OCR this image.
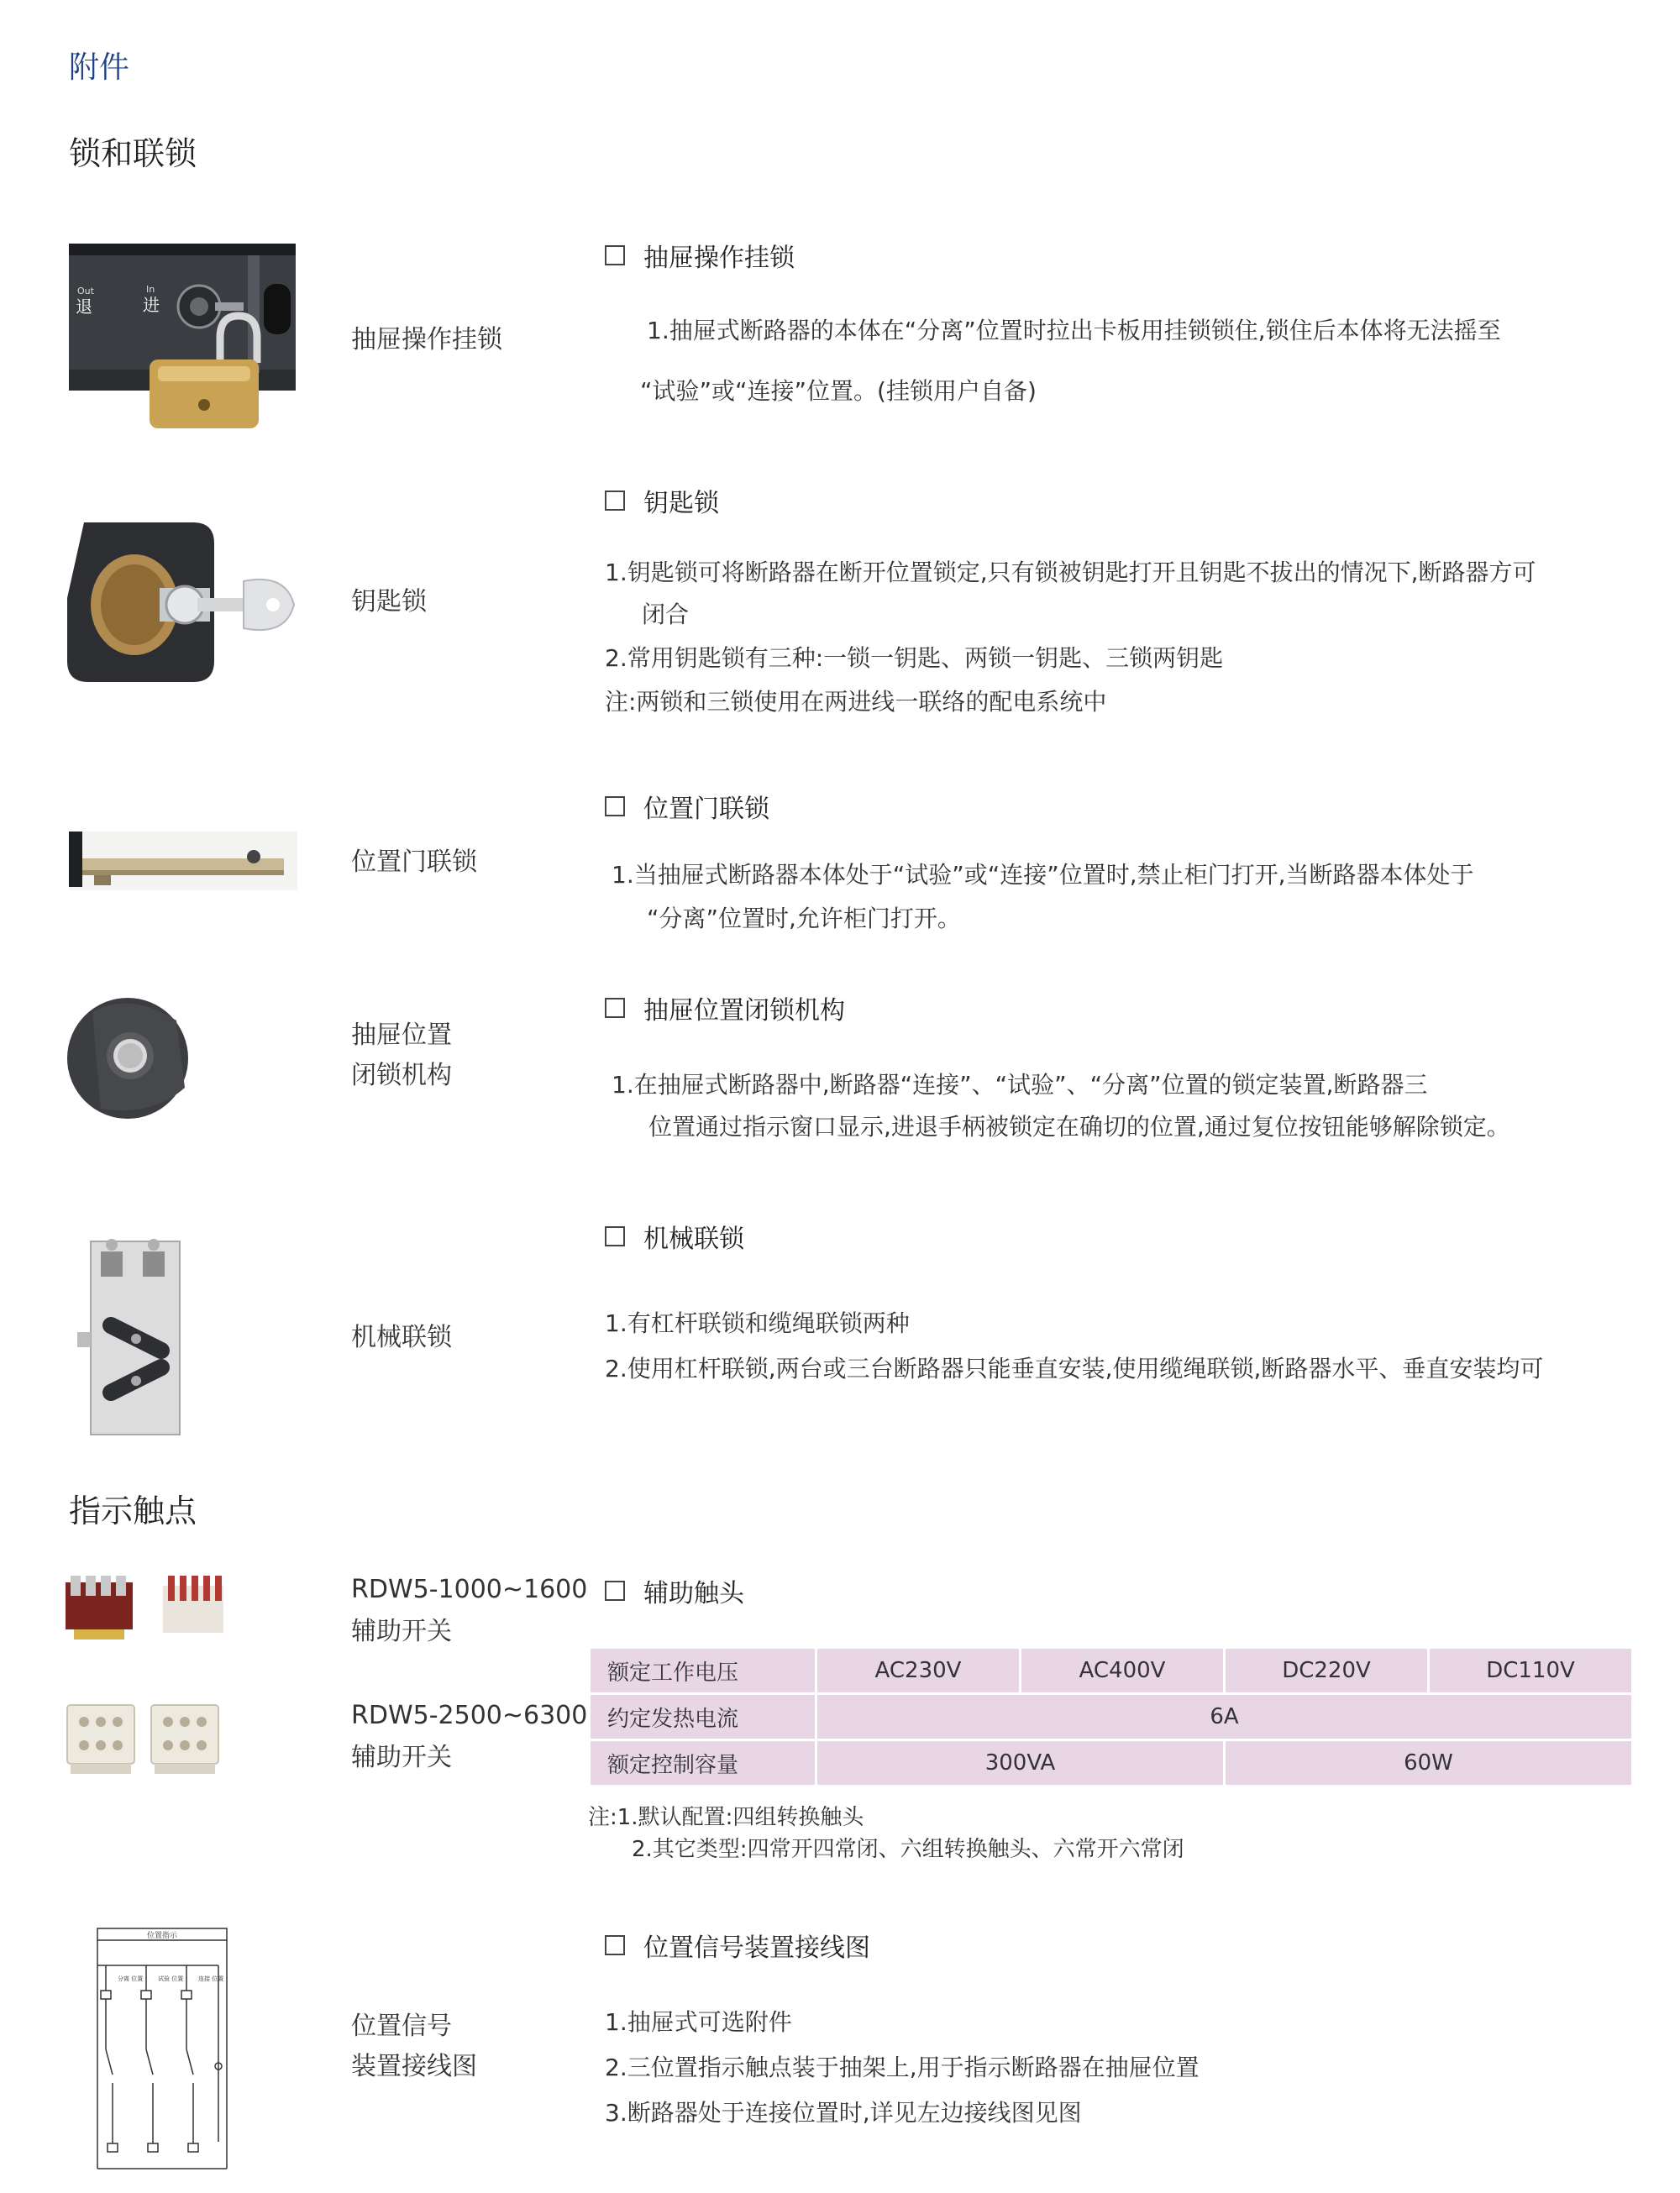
附件
锁和联锁
Out
退
In
进
抽屉操作挂锁
抽屉操作挂锁
1.抽屉式断路器的本体在“分离”位置时拉出卡板用挂锁锁住,锁住后本体将无法摇至
“试验”或“连接”位置。(挂锁用户自备)
钥匙锁
钥匙锁
1.钥匙锁可将断路器在断开位置锁定,只有锁被钥匙打开且钥匙不拔出的情况下,断路器方可
闭合
2.常用钥匙锁有三种:一锁一钥匙、两锁一钥匙、三锁两钥匙
注:两锁和三锁使用在两进线一联络的配电系统中
位置门联锁
位置门联锁
1.当抽屉式断路器本体处于“试验”或“连接”位置时,禁止柜门打开,当断路器本体处于
“分离”位置时,允许柜门打开。
抽屉位置
闭锁机构
抽屉位置闭锁机构
1.在抽屉式断路器中,断路器“连接”、“试验”、“分离”位置的锁定装置,断路器三
位置通过指示窗口显示,进退手柄被锁定在确切的位置,通过复位按钮能够解除锁定。
机械联锁
机械联锁
1.有杠杆联锁和缆绳联锁两种
2.使用杠杆联锁,两台或三台断路器只能垂直安装,使用缆绳联锁,断路器水平、垂直安装均可
指示触点
RDW5-1000~1600
辅助开关
RDW5-2500~6300
辅助开关
辅助触头
额定工作电压	AC230V	AC400V	DC220V	DC110V
约定发热电流	6A			
额定控制容量	300VA		60W	
注:1.默认配置:四组转换触头
2.其它类型:四常开四常闭、六组转换触头、六常开六常闭
位置指示
分离 位置	试验 位置	连接 位置
位置信号
装置接线图
位置信号装置接线图
1.抽屉式可选附件
2.三位置指示触点装于抽架上,用于指示断路器在抽屉位置
3.断路器处于连接位置时,详见左边接线图见图
